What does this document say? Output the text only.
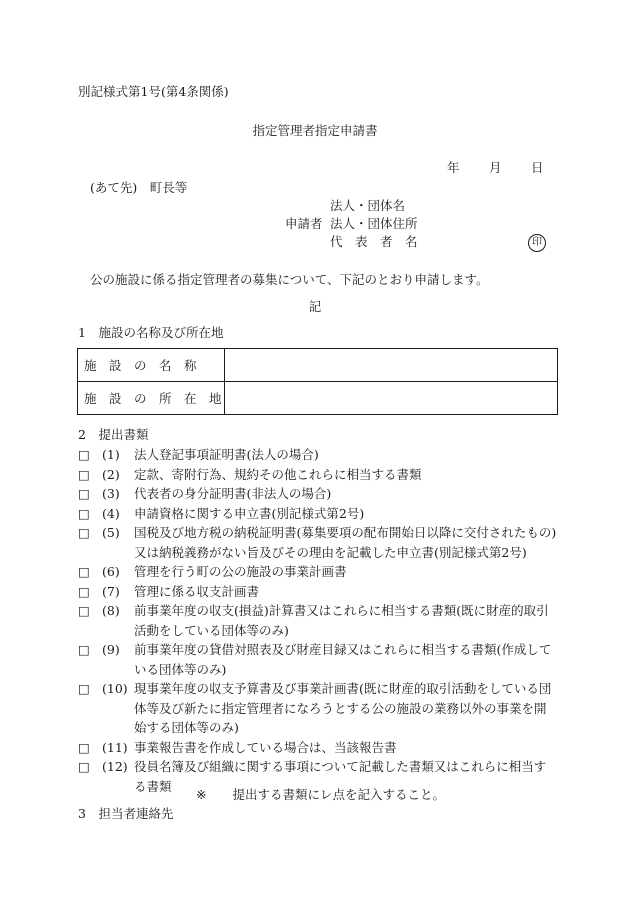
別記様式第1号(第4条関係)
指定管理者指定申請書
年 月 日
(あて先)　町長等
申請者
法人・団体名
法人・団体住所
代　表　者　名	印
公の施設に係る指定管理者の募集について、下記のとおり申請します。
記
1　施設の名称及び所在地
施　設　の　名　称	
施　設　の　所　在　地	
2　提出書類
□ (1) 法人登記事項証明書(法人の場合)
□ (2) 定款、寄附行為、規約その他これらに相当する書類
□ (3) 代表者の身分証明書(非法人の場合)
□ (4) 申請資格に関する申立書(別記様式第2号)
□ (5) 国税及び地方税の納税証明書(募集要項の配布開始日以降に交付されたもの)又は納税義務がない旨及びその理由を記載した申立書(別記様式第2号)
□ (6) 管理を行う町の公の施設の事業計画書
□ (7) 管理に係る収支計画書
□ (8) 前事業年度の収支(損益)計算書又はこれらに相当する書類(既に財産的取引活動をしている団体等のみ)
□ (9) 前事業年度の貸借対照表及び財産目録又はこれらに相当する書類(作成している団体等のみ)
□ (10) 現事業年度の収支予算書及び事業計画書(既に財産的取引活動をしている団体等及び新たに指定管理者になろうとする公の施設の業務以外の事業を開始する団体等のみ)
□ (11) 事業報告書を作成している場合は、当該報告書
□ (12) 役員名簿及び組織に関する事項について記載した書類又はこれらに相当する書類
※ 提出する書類にレ点を記入すること。
3　担当者連絡先
